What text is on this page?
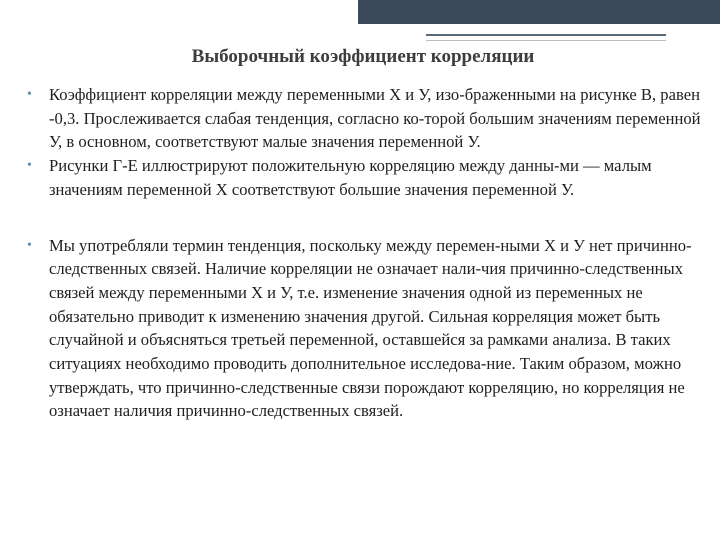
Выборочный коэффициент корреляции

•	Коэффициент корреляции между переменными X и У, изо-браженными на рисунке В, равен -0,3. Прослеживается слабая тенденция, согласно ко-торой большим значениям переменной У, в основном, соответствуют малые значения переменной У.

•	Рисунки Г-Е иллюстрируют положительную корреляцию между данны-ми — малым значениям переменной X соответствуют большие значения переменной У.

•	Мы употребляли термин тенденция, поскольку между перемен-ными X и У нет причинно-следственных связей. Наличие корреляции не означает нали-чия причинно-следственных связей между переменными X и У, т.е. изменение значения одной из переменных не обязательно приводит к изменению значения другой. Сильная корреляция может быть случайной и объясняться третьей переменной, оставшейся за рамками анализа. В таких ситуациях необходимо проводить дополнительное исследова-ние. Таким образом, можно утверждать, что причинно-следственные связи порождают корреляцию, но корреляция не означает наличия причинно-следственных связей.
